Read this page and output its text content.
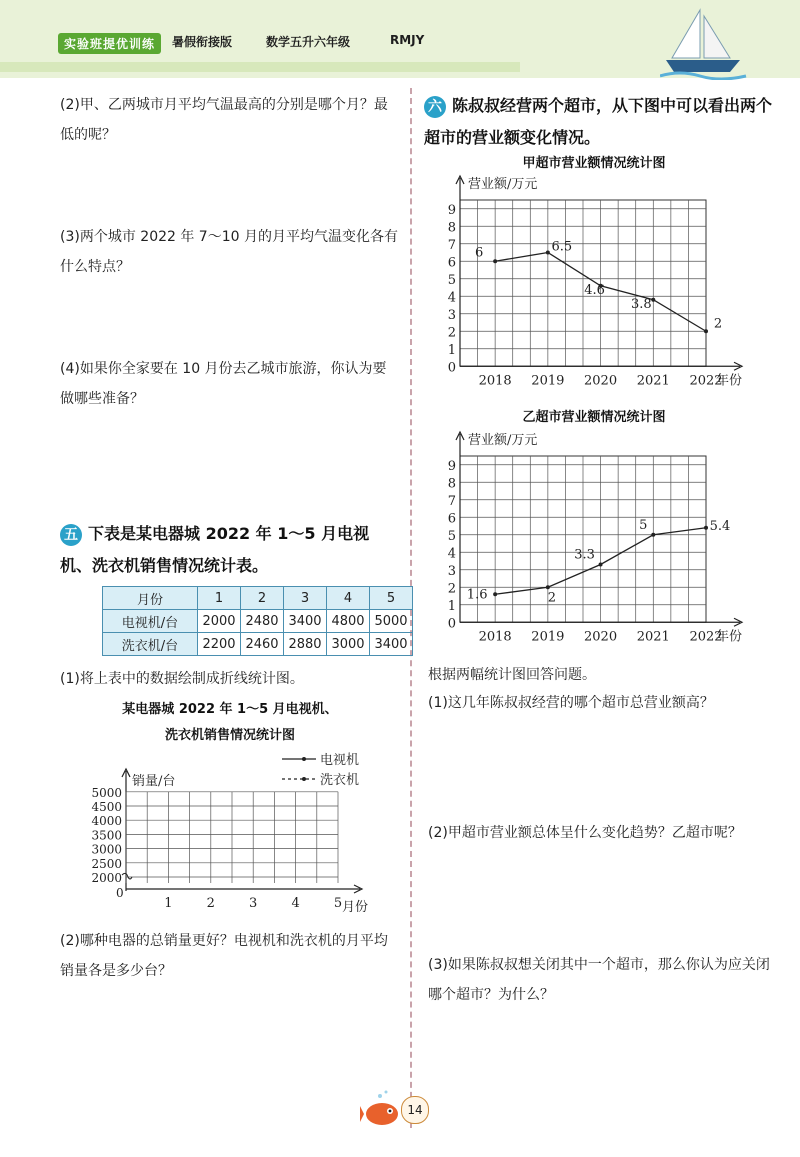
实验班提优训练	暑假衔接版	数学五升六年级	RMJY
(2)甲、乙两城市月平均气温最高的分别是哪个月？最低的呢？
(3)两个城市 2022 年 7～10 月的月平均气温变化各有什么特点？
(4)如果你全家要在 10 月份去乙城市旅游，你认为要做哪些准备？
五 下表是某电器城 2022 年 1～5 月电视机、洗衣机销售情况统计表。
月份	1	2	3	4	5
电视机/台	2000	2480	3400	4800	5000
洗衣机/台	2200	2460	2880	3000	3400
(1)将上表中的数据绘制成折线统计图。
某电器城 2022 年 1～5 月电视机、
洗衣机销售情况统计图
电视机
洗衣机
销量/台
2000
2500
3000
3500
4000
4500
5000
0
1	2	3	4	5 月份
(2)哪种电器的总销量更好？电视机和洗衣机的月平均销量各是多少台？
六 陈叔叔经营两个超市，从下图中可以看出两个超市的营业额变化情况。
甲超市营业额情况统计图
0
1
2
3
4
5
6
7
8
9
营业额/万元
年份
2018 2019 2020 2021 2022
6	6.5
4.6
3.8
2
乙超市营业额情况统计图
0
1
2
3
4
5
6
7
8
9
营业额/万元
年份
2018 2019 2020 2021 2022
1.6	2
3.3
5	5.4
根据两幅统计图回答问题。
(1)这几年陈叔叔经营的哪个超市总营业额高？
(2)甲超市营业额总体呈什么变化趋势？乙超市呢？
(3)如果陈叔叔想关闭其中一个超市，那么你认为应关闭哪个超市？为什么？
14
